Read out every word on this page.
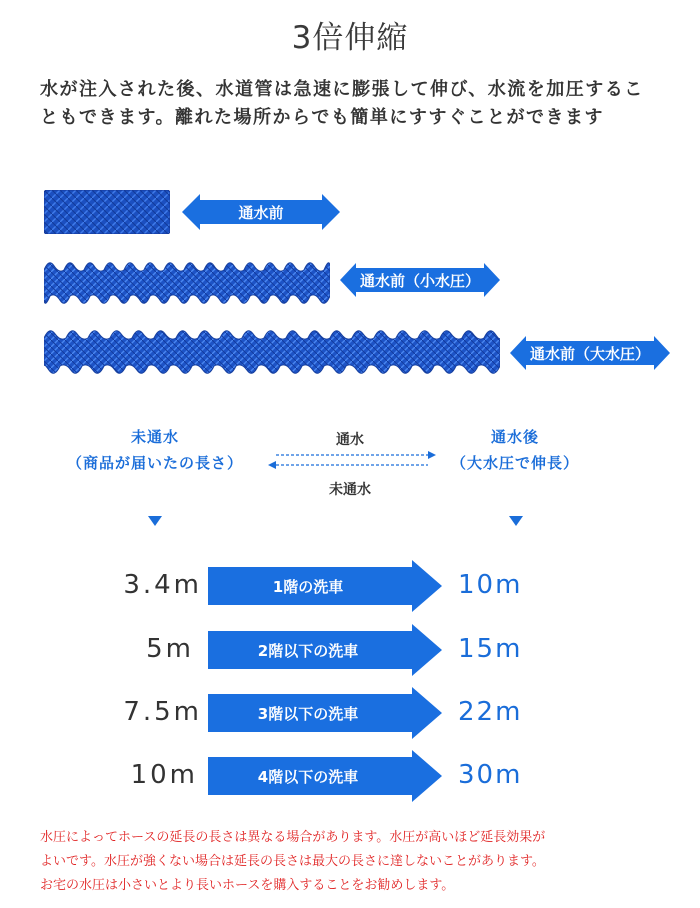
3倍伸縮
水が注入された後、水道管は急速に膨張して伸び、水流を加圧することもできます。離れた場所からでも簡単にすすぐことができます
通水前
通水前（小水圧）
通水前（大水圧）
未通水
（商品が届いたの長さ）
通水後
（大水圧で伸長）
通水
未通水
3.4m	1階の洗車	10m
5m	2階以下の洗車	15m
7.5m	3階以下の洗車	22m
10m	4階以下の洗車	30m

水圧によってホースの延長の長さは異なる場合があります。水圧が高いほど延長効果が

よいです。水圧が強くない場合は延長の長さは最大の長さに達しないことがあります。

お宅の水圧は小さいとより長いホースを購入することをお勧めします。
